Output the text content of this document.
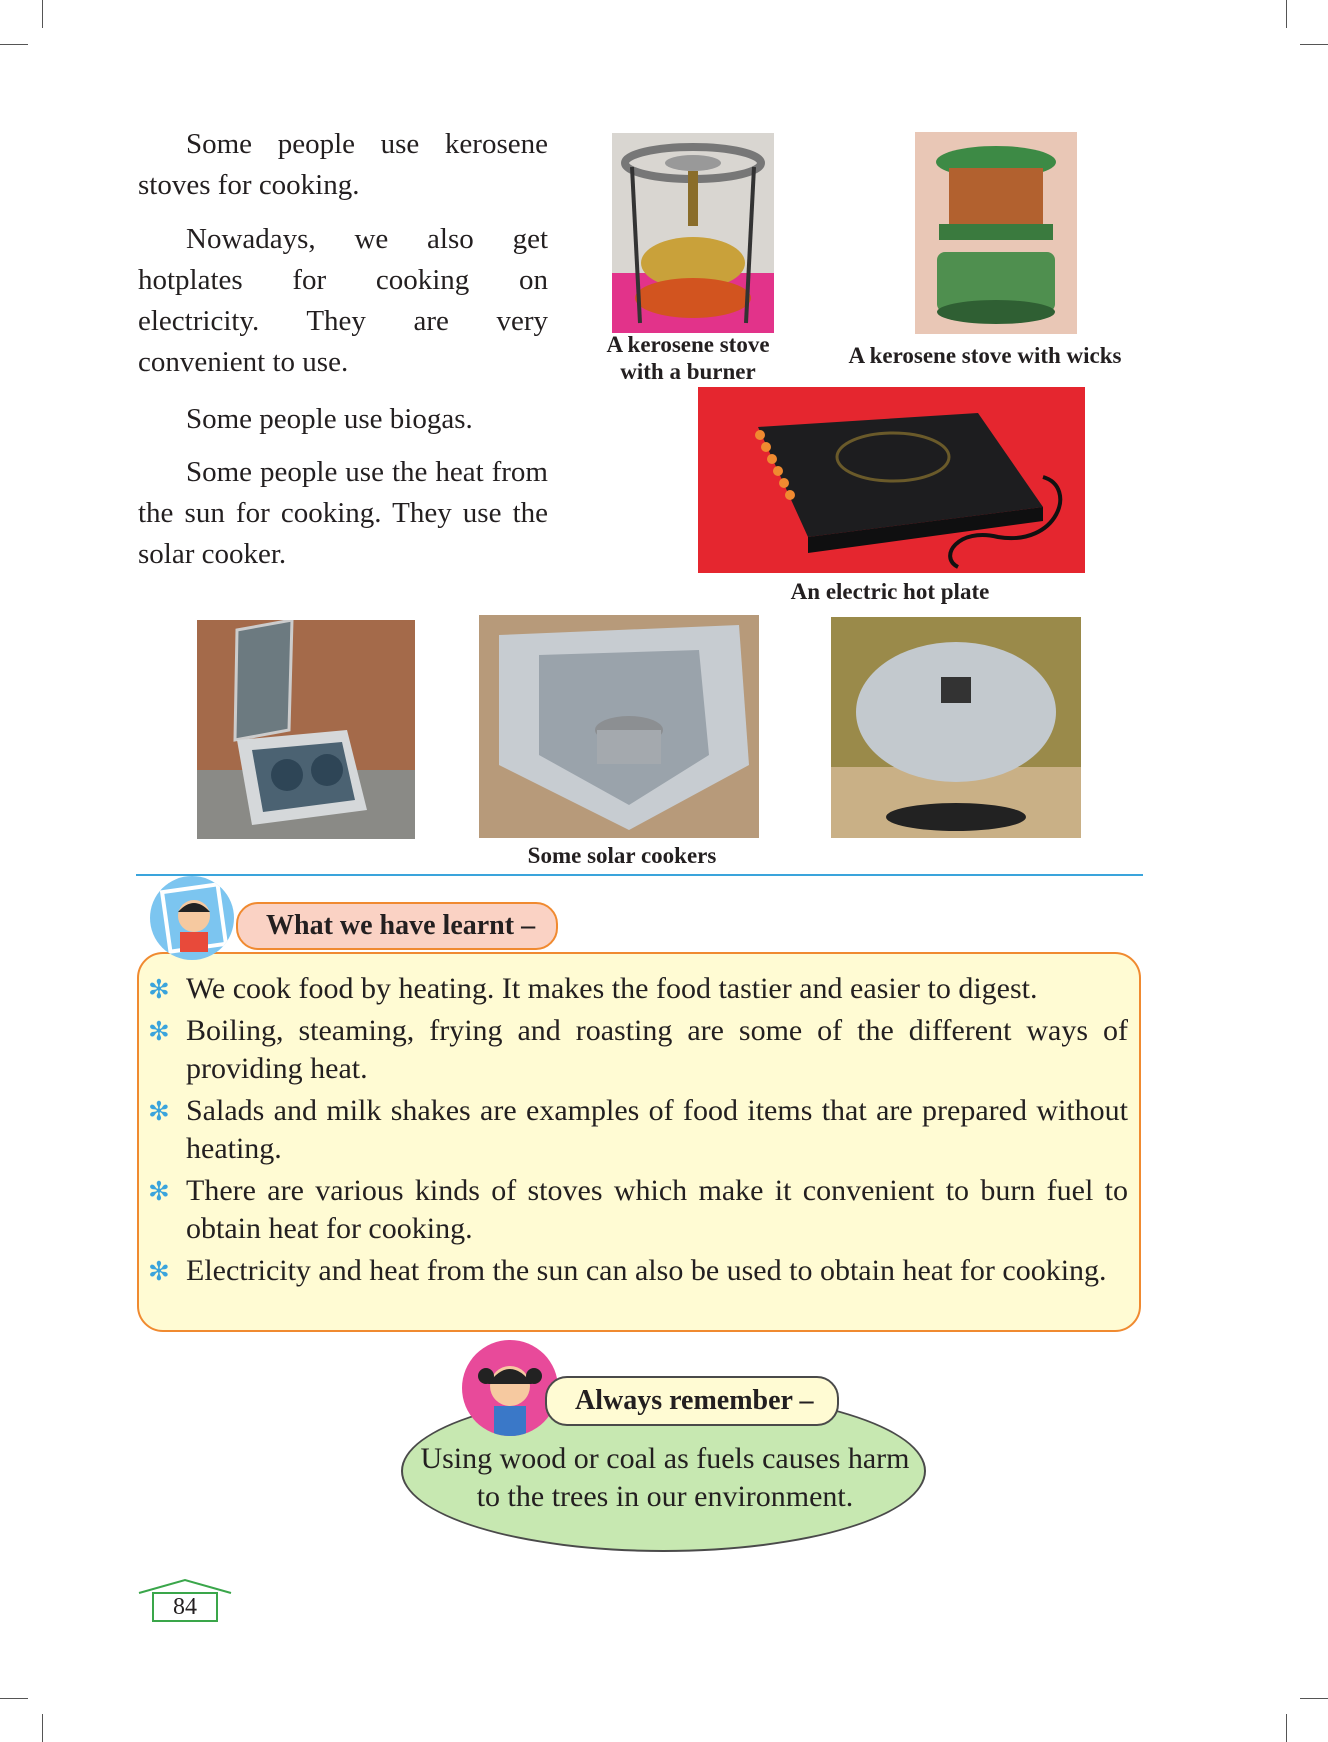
Some people use kerosene stoves for cooking.

Nowadays, we also get hotplates for cooking on electricity. They are very convenient to use.

Some people use biogas.

Some people use the heat from the sun for cooking. They use the solar cooker.

A kerosene stove
with a burner
A kerosene stove with wicks
An electric hot plate
Some solar cookers
What we have learnt –
✻ We cook food by heating. It makes the food tastier and easier to digest.
✻ Boiling, steaming, frying and roasting are some of the different ways of providing heat.
✻ Salads and milk shakes are examples of food items that are prepared without heating.
✻ There are various kinds of stoves which make it convenient to burn fuel to obtain heat for cooking.
✻ Electricity and heat from the sun can also be used to obtain heat for cooking.
Always remember –
Using wood or coal as fuels causes harm to the trees in our environment.
84
